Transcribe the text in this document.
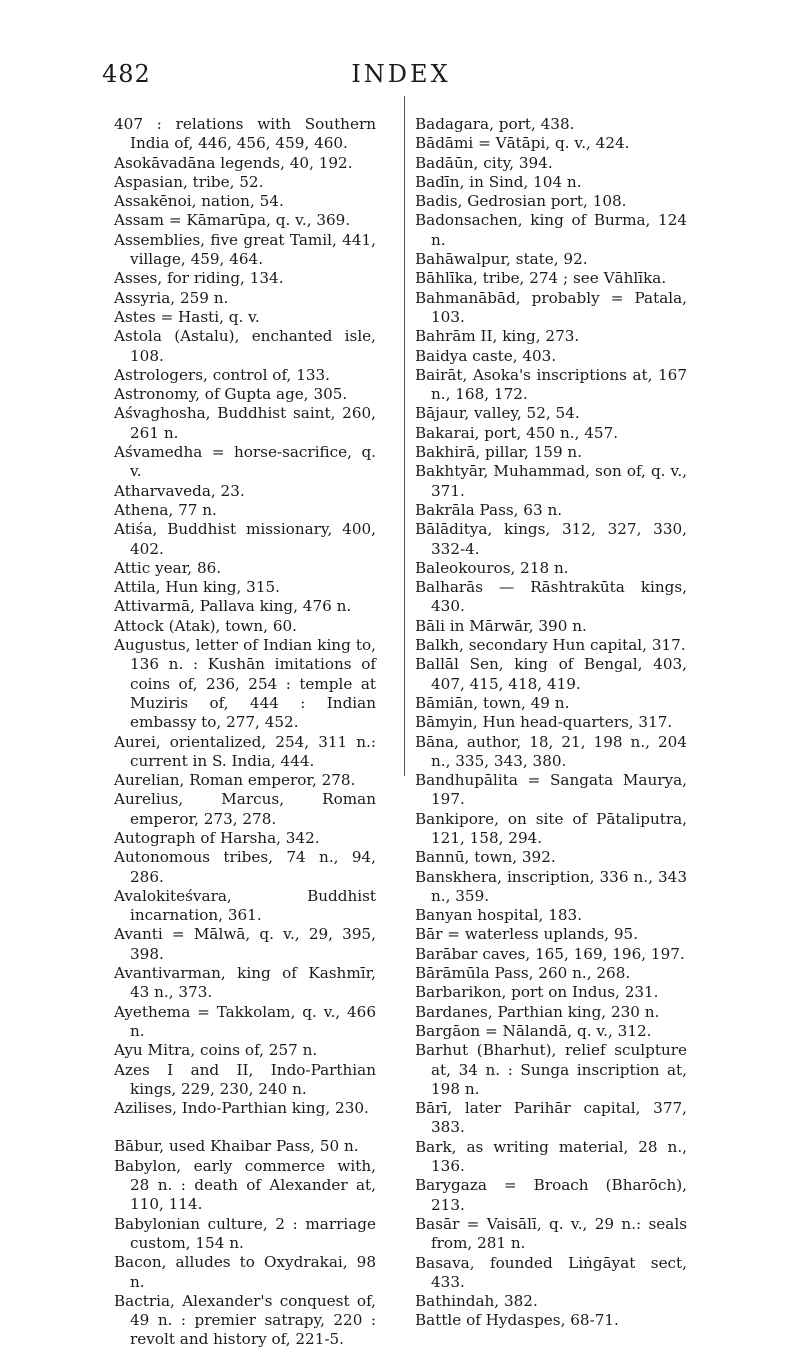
482	INDEX
407 : relations with Southern India of, 446, 456, 459, 460.
Asokāvadāna legends, 40, 192.
Aspasian, tribe, 52.
Assakēnoi, nation, 54.
Assam = Kāmarūpa, q. v., 369.
Assemblies, five great Tamil, 441, village, 459, 464.
Asses, for riding, 134.
Assyria, 259 n.
Astes = Hasti, q. v.
Astola (Astalu), enchanted isle, 108.
Astrologers, control of, 133.
Astronomy, of Gupta age, 305.
Aśvaghosha, Buddhist saint, 260, 261 n.
Aśvamedha = horse-sacrifice, q. v.
Atharvaveda, 23.
Athena, 77 n.
Atiśa, Buddhist missionary, 400, 402.
Attic year, 86.
Attila, Hun king, 315.
Attivarmā, Pallava king, 476 n.
Attock (Atak), town, 60.
Augustus, letter of Indian king to, 136 n. : Kushān imitations of coins of, 236, 254 : temple at Muziris of, 444 : Indian embassy to, 277, 452.
Aurei, orientalized, 254, 311 n.: current in S. India, 444.
Aurelian, Roman emperor, 278.
Aurelius, Marcus, Roman emperor, 273, 278.
Autograph of Harsha, 342.
Autonomous tribes, 74 n., 94, 286.
Avalokiteśvara, Buddhist incarnation, 361.
Avanti = Mālwā, q. v., 29, 395, 398.
Avantivarman, king of Kashmīr, 43 n., 373.
Ayethema = Takkolam, q. v., 466 n.
Ayu Mitra, coins of, 257 n.
Azes I and II, Indo-Parthian kings, 229, 230, 240 n.
Azilises, Indo-Parthian king, 230.
Bābur, used Khaibar Pass, 50 n.
Babylon, early commerce with, 28 n. : death of Alexander at, 110, 114.
Babylonian culture, 2 : marriage custom, 154 n.
Bacon, alludes to Oxydrakai, 98 n.
Bactria, Alexander's conquest of, 49 n. : premier satrapy, 220 : revolt and history of, 221-5.
Badagara, port, 438.
Bādāmi = Vātāpi, q. v., 424.
Badāūn, city, 394.
Badīn, in Sind, 104 n.
Badis, Gedrosian port, 108.
Badonsachen, king of Burma, 124 n.
Bahāwalpur, state, 92.
Bāhlīka, tribe, 274 ; see Vāhlīka.
Bahmanābād, probably = Patala, 103.
Bahrām II, king, 273.
Baidya caste, 403.
Bairāt, Asoka's inscriptions at, 167 n., 168, 172.
Bājaur, valley, 52, 54.
Bakarai, port, 450 n., 457.
Bakhirā, pillar, 159 n.
Bakhtyār, Muhammad, son of, q. v., 371.
Bakrāla Pass, 63 n.
Bālāditya, kings, 312, 327, 330, 332-4.
Baleokouros, 218 n.
Balharās — Rāshtrakūta kings, 430.
Bāli in Mārwār, 390 n.
Balkh, secondary Hun capital, 317.
Ballāl Sen, king of Bengal, 403, 407, 415, 418, 419.
Bāmiān, town, 49 n.
Bāmyin, Hun head-quarters, 317.
Bāna, author, 18, 21, 198 n., 204 n., 335, 343, 380.
Bandhupālita = Sangata Maurya, 197.
Bankipore, on site of Pātaliputra, 121, 158, 294.
Bannū, town, 392.
Banskhera, inscription, 336 n., 343 n., 359.
Banyan hospital, 183.
Bār = waterless uplands, 95.
Barābar caves, 165, 169, 196, 197.
Bārāmūla Pass, 260 n., 268.
Barbarikon, port on Indus, 231.
Bardanes, Parthian king, 230 n.
Bargāon = Nālandā, q. v., 312.
Barhut (Bharhut), relief sculpture at, 34 n. : Sunga inscription at, 198 n.
Bārī, later Parihār capital, 377, 383.
Bark, as writing material, 28 n., 136.
Barygaza = Broach (Bharōch), 213.
Basār = Vaisālī, q. v., 29 n.: seals from, 281 n.
Basava, founded Liṅgāyat sect, 433.
Bathindah, 382.
Battle of Hydaspes, 68-71.
